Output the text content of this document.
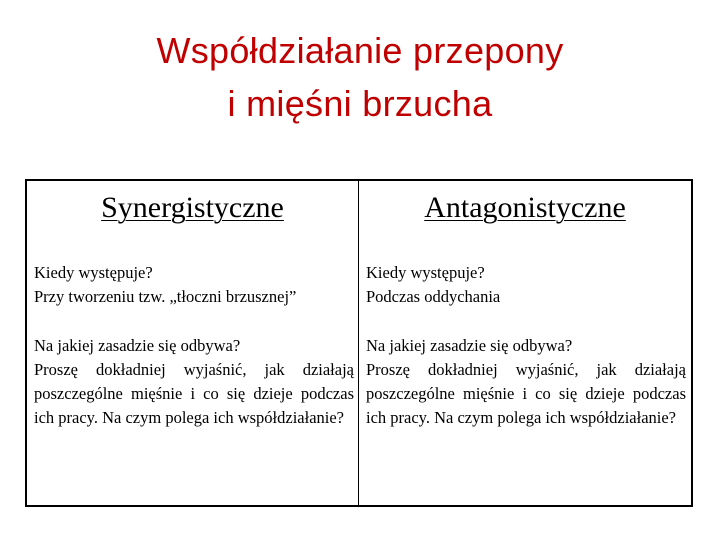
Współdziałanie przepony
i mięśni brzucha
Synergistyczne
Kiedy występuje?
Przy tworzeniu tzw. „tłoczni brzusznej”
Na jakiej zasadzie się odbywa?
Proszę dokładniej wyjaśnić, jak działają poszczególne mięśnie i co się dzieje podczas ich pracy. Na czym polega ich współdziałanie?
Antagonistyczne
Kiedy występuje?
Podczas oddychania
Na jakiej zasadzie się odbywa?
Proszę dokładniej wyjaśnić, jak działają poszczególne mięśnie i co się dzieje podczas ich pracy. Na czym polega ich współdziałanie?
